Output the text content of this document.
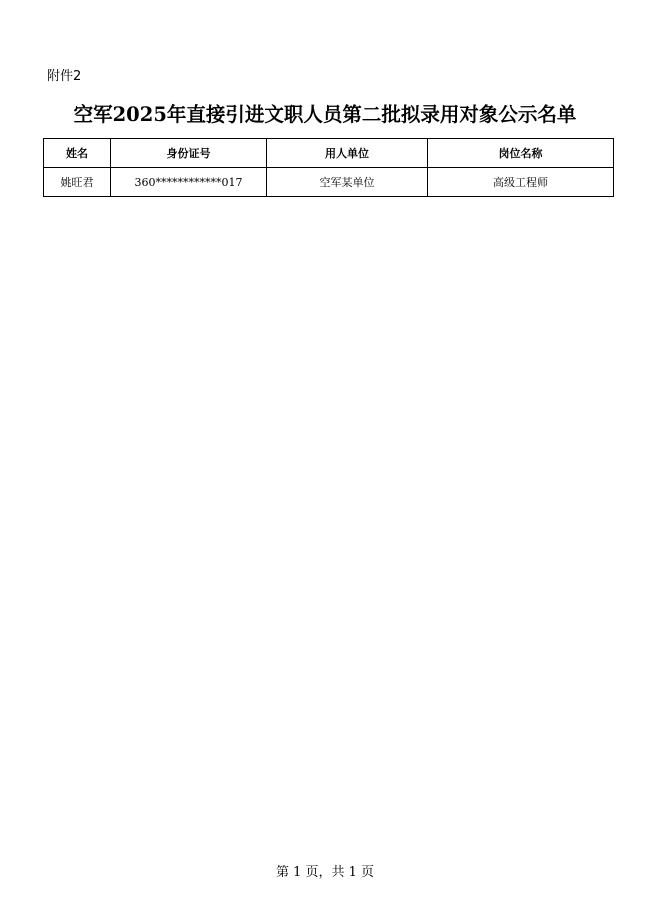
附件2
空军2025年直接引进文职人员第二批拟录用对象公示名单
姓名	身份证号	用人单位	岗位名称
姚旺君	360************017	空军某单位	高级工程师
第 1 页，共 1 页
